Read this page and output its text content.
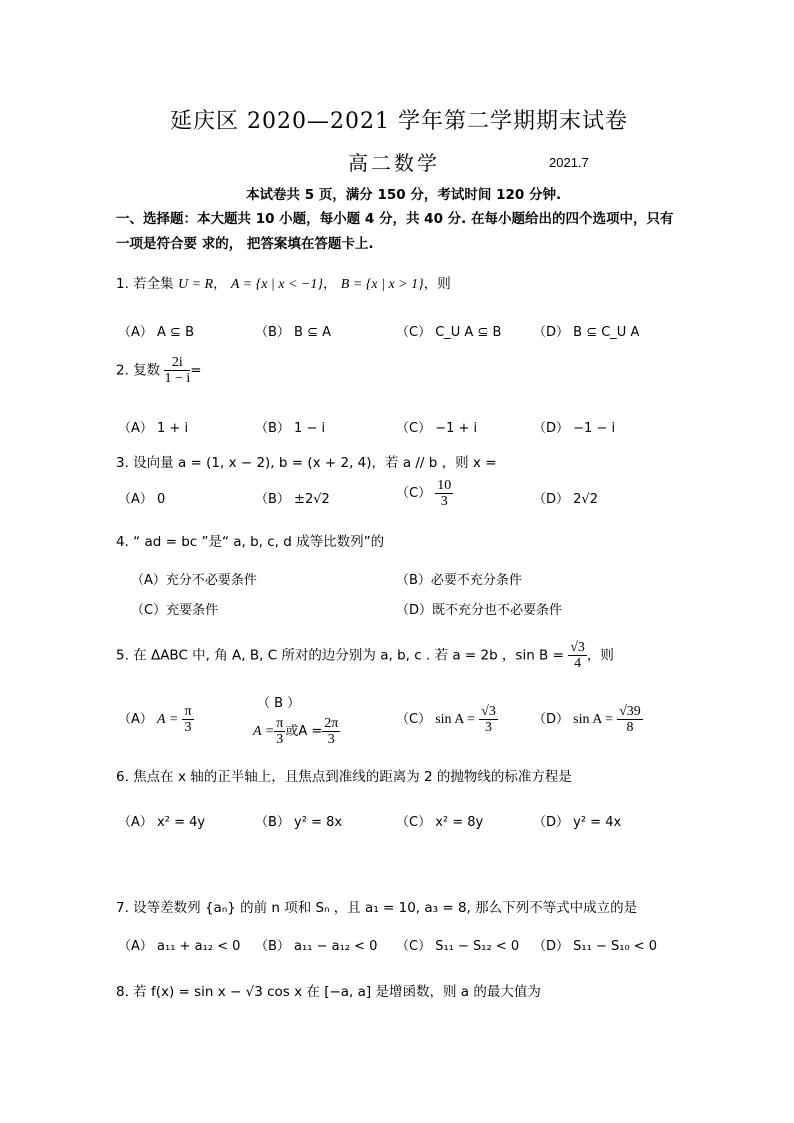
延庆区 2020—2021 学年第二学期期末试卷
高二数学	2021.7
本试卷共 5 页，满分 150 分，考试时间 120 分钟.
一、选择题：本大题共 10 小题，每小题 4 分，共 40 分. 在每小题给出的四个选项中，只有
一项是符合要 求的， 把答案填在答题卡上.
1. 若全集 U = R， A = {x | x < −1}， B = {x | x > 1}，则
（A） A ⊆ B	（B） B ⊆ A	（C） C_U A ⊆ B （D） B ⊆ C_U A
2. 复数 $\frac{2i}{1 - i}$ =
（A） 1 + i	（B） 1 − i	（C） −1 + i	（D） −1 − i
3. 设向量 a = (1, x − 2), b = (x + 2, 4)，若 a // b ，则 x =
（A） 0	（B） ±2√2	$(C) \frac{10}{3}$	（D） 2√2
4. “ ad = bc ”是“ a, b, c, d 成等比数列”的
（A）充分不必要条件	（B）必要不充分条件
（C）充要条件	（D）既不充分也不必要条件
5. 在 ΔABC 中, 角 A, B, C 所对的边分别为 a, b, c . 若 a = 2b ，$\sin B = \frac{√3}{4}$ ，则
（A） $A = \frac{\pi}{3}$
（ B ）
$A = \frac{\pi}{3}$ 或$A = \frac{2\pi}{3}$	（C） $\sin A = \frac{√3}{3}$	（D） $\sin A = \frac{√39}{8}$
6. 焦点在 x 轴的正半轴上，且焦点到准线的距离为 2 的抛物线的标准方程是
（A） x² = 4y	（B） y² = 8x	（C） x² = 8y	（D） y² = 4x
7. 设等差数列 {aₙ} 的前 n 项和 Sₙ ，且 a₁ = 10, a₃ = 8, 那么下列不等式中成立的是
（A） a₁₁ + a₁₂ < 0 （B） a₁₁ − a₁₂ < 0 （C） S₁₁ − S₁₂ < 0 （D） S₁₁ − S₁₀ < 0
8. 若 f(x) = sin x − √3 cos x 在 [−a, a] 是增函数，则 a 的最大值为
